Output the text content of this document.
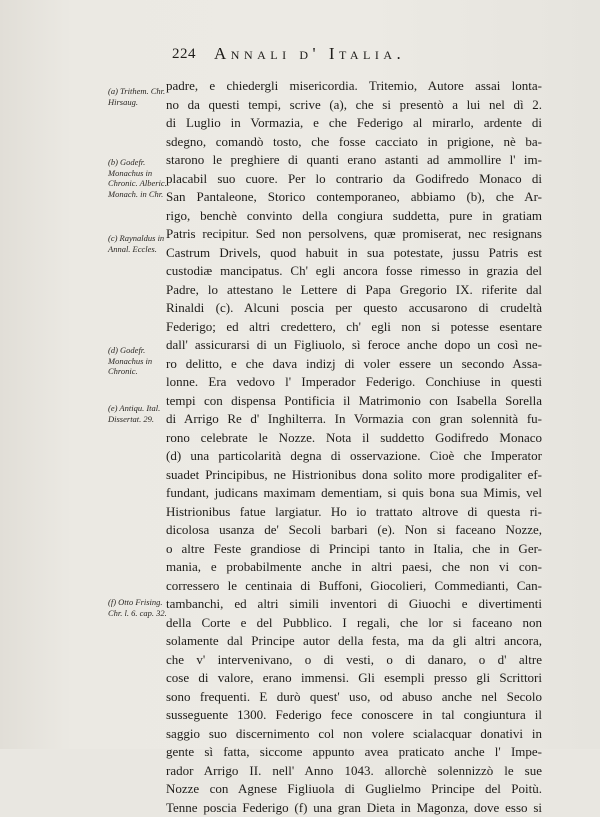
224 Annali d' Italia.
(a) Trithem. Chr. Hirsaug.
(b) Godefr. Monachus in Chronic. Alberic. Monach. in Chr.
(c) Raynaldus in Annal. Eccles.
(d) Godefr. Monachus in Chronic.
(e) Antiqu. Ital. Dissertat. 29.
(f) Otto Frising. Chr. l. 6. cap. 32.
padre, e chiedergli misericordia. Tritemio, Autore assai lonta-
no da questi tempi, scrive (a), che si presentò a lui nel dì 2.
di Luglio in Vormazia, e che Federigo al mirarlo, ardente di
sdegno, comandò tosto, che fosse cacciato in prigione, nè ba-
starono le preghiere di quanti erano astanti ad ammollire l' im-
placabil suo cuore. Per lo contrario da Godifredo Monaco di
San Pantaleone, Storico contemporaneo, abbiamo (b), che Ar-
rigo, benchè convinto della congiura suddetta, pure in gratiam
Patris recipitur. Sed non persolvens, quæ promiserat, nec resignans
Castrum Drivels, quod habuit in sua potestate, jussu Patris est
custodiæ mancipatus. Ch' egli ancora fosse rimesso in grazia del
Padre, lo attestano le Lettere di Papa Gregorio IX. riferite dal
Rinaldi (c). Alcuni poscia per questo accusarono di crudeltà
Federigo; ed altri credettero, ch' egli non si potesse esentare
dall' assicurarsi di un Figliuolo, sì feroce anche dopo un così ne-
ro delitto, e che dava indizj di voler essere un secondo Assa-
lonne. Era vedovo l' Imperador Federigo. Conchiuse in questi
tempi con dispensa Pontificia il Matrimonio con Isabella Sorella
di Arrigo Re d' Inghilterra. In Vormazia con gran solennità fu-
rono celebrate le Nozze. Nota il suddetto Godifredo Monaco
(d) una particolarità degna di osservazione. Cioè che Imperator
suadet Principibus, ne Histrionibus dona solito more prodigaliter ef-
fundant, judicans maximam dementiam, si quis bona sua Mimis, vel
Histrionibus fatue largiatur. Ho io trattato altrove di questa ri-
dicolosa usanza de' Secoli barbari (e). Non si faceano Nozze,
o altre Feste grandiose di Principi tanto in Italia, che in Ger-
mania, e probabilmente anche in altri paesi, che non vi con-
corressero le centinaia di Buffoni, Giocolieri, Commedianti, Can-
tambanchi, ed altri simili inventori di Giuochi e divertimenti
della Corte e del Pubblico. I regali, che lor si faceano non
solamente dal Principe autor della festa, ma da gli altri ancora,
che v' intervenivano, o di vesti, o di danaro, o d' altre
cose di valore, erano immensi. Gli esempli presso gli Scrittori
sono frequenti. E durò quest' uso, od abuso anche nel Secolo
susseguente 1300. Federigo fece conoscere in tal congiuntura il
saggio suo discernimento col non volere scialacquar donativi in
gente sì fatta, siccome appunto avea praticato anche l' Impe-
rador Arrigo II. nell' Anno 1043. allorchè solennizzò le sue
Nozze con Agnese Figliuola di Guglielmo Principe del Poitù.
Tenne poscia Federigo (f) una gran Dieta in Magonza, dove esso si
